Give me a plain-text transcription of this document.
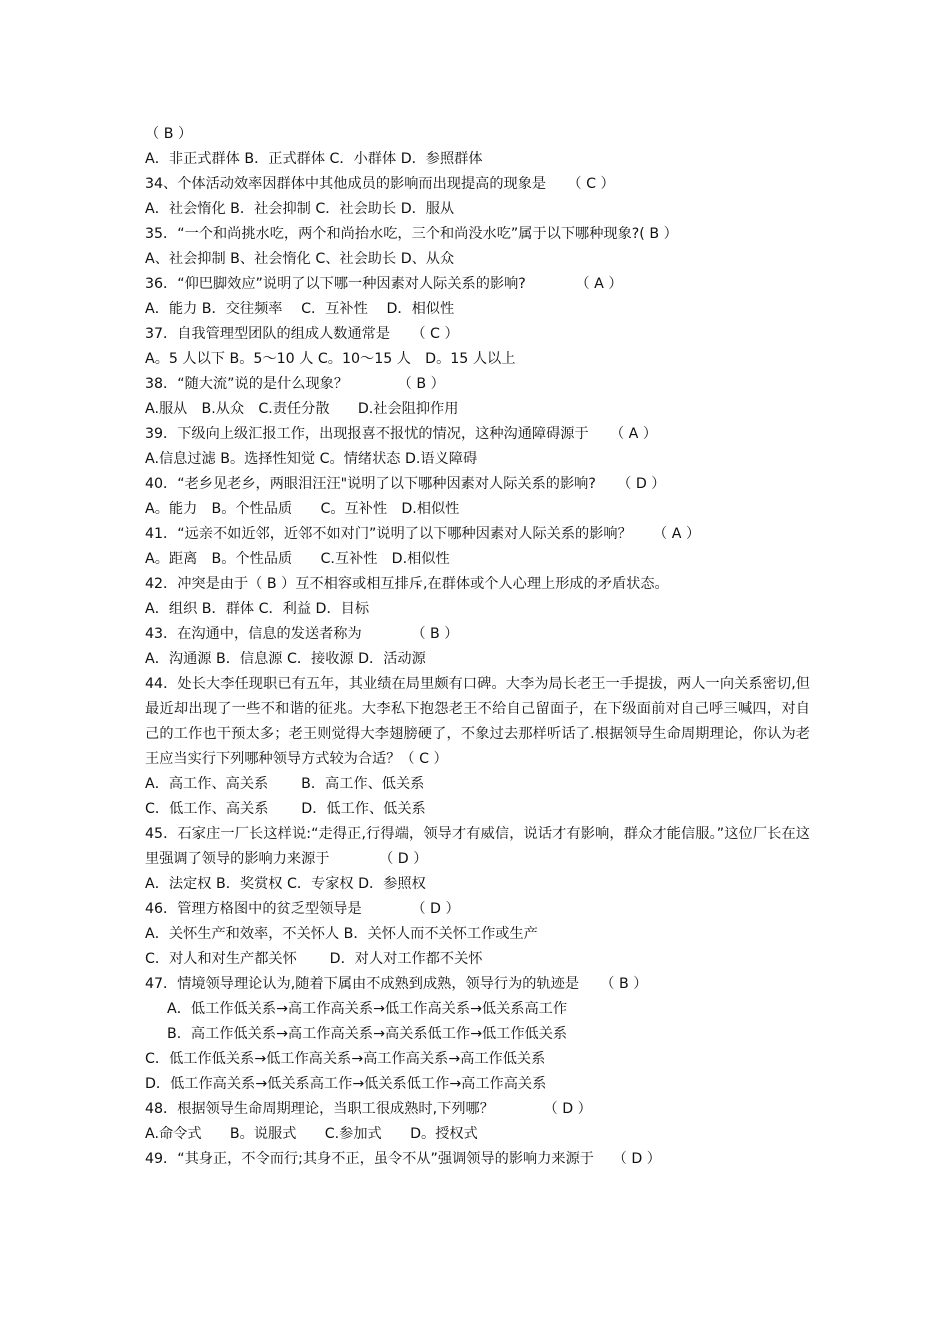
（ B ）
A．非正式群体 B．正式群体 C．小群体 D．参照群体
34、个体活动效率因群体中其他成员的影响而出现提高的现象是　　（ C ）
A．社会惰化 B．社会抑制 C．社会助长 D．服从
35．“一个和尚挑水吃，两个和尚抬水吃，三个和尚没水吃”属于以下哪种现象?( B ）
A、社会抑制 B、社会惰化 C、社会助长 D、从众
36．“仰巴脚效应”说明了以下哪一种因素对人际关系的影响?　　　　（ A ）
A．能力 B．交往频率　 C．互补性　 D．相似性
37．自我管理型团队的组成人数通常是　　（ C ）
A。5 人以下 B。5～10 人 C。10～15 人　D。15 人以上
38．“随大流”说的是什么现象？　　　　（ B ）
A.服从　B.从众　C.责任分散　　D.社会阻抑作用
39．下级向上级汇报工作，出现报喜不报忧的情况，这种沟通障碍源于　　（ A ）
A.信息过滤 B。选择性知觉 C。情绪状态 D.语义障碍
40．“老乡见老乡，两眼泪汪汪"说明了以下哪种因素对人际关系的影响?　　（ D ）
A。能力　B。个性品质　　C。互补性　D.相似性
41．“远亲不如近邻，近邻不如对门”说明了以下哪种因素对人际关系的影响？　　（ A ）
A。距离　B。个性品质　　C.互补性　D.相似性
42．冲突是由于（ B ）互不相容或相互排斥,在群体或个人心理上形成的矛盾状态。
A．组织 B．群体 C．利益 D．目标
43．在沟通中，信息的发送者称为　　　　（ B ）
A．沟通源 B．信息源 C．接收源 D．活动源
44．处长大李任现职已有五年，其业绩在局里颇有口碑。大李为局长老王一手提拔，两人一向关系密切,但最近却出现了一些不和谐的征兆。大李私下抱怨老王不给自己留面子，在下级面前对自己呼三喊四，对自己的工作也干预太多；老王则觉得大李翅膀硬了，不象过去那样听话了.根据领导生命周期理论，你认为老王应当实行下列哪种领导方式较为合适？（ C ）
A．高工作、高关系　　 B．高工作、低关系
C．低工作、高关系　　 D．低工作、低关系
45．石家庄一厂长这样说:“走得正,行得端，领导才有威信，说话才有影响，群众才能信服。”这位厂长在这里强调了领导的影响力来源于　　　　（ D ）
A．法定权 B．奖赏权 C．专家权 D．参照权
46．管理方格图中的贫乏型领导是　　　　（ D ）
A．关怀生产和效率，不关怀人 B．关怀人而不关怀工作或生产
C．对人和对生产都关怀　　 D．对人对工作都不关怀
47．情境领导理论认为,随着下属由不成熟到成熟，领导行为的轨迹是　　（ B ）
A．低工作低关系→高工作高关系→低工作高关系→低关系高工作
B．高工作低关系→高工作高关系→高关系低工作→低工作低关系
C．低工作低关系→低工作高关系→高工作高关系→高工作低关系
D．低工作高关系→低关系高工作→低关系低工作→高工作高关系
48．根据领导生命周期理论，当职工很成熟时,下列哪？　　　　（ D ）
A.命令式　　B。说服式　　C.参加式　　D。授权式
49．“其身正，不令而行;其身不正，虽令不从”强调领导的影响力来源于　 （ D ）
